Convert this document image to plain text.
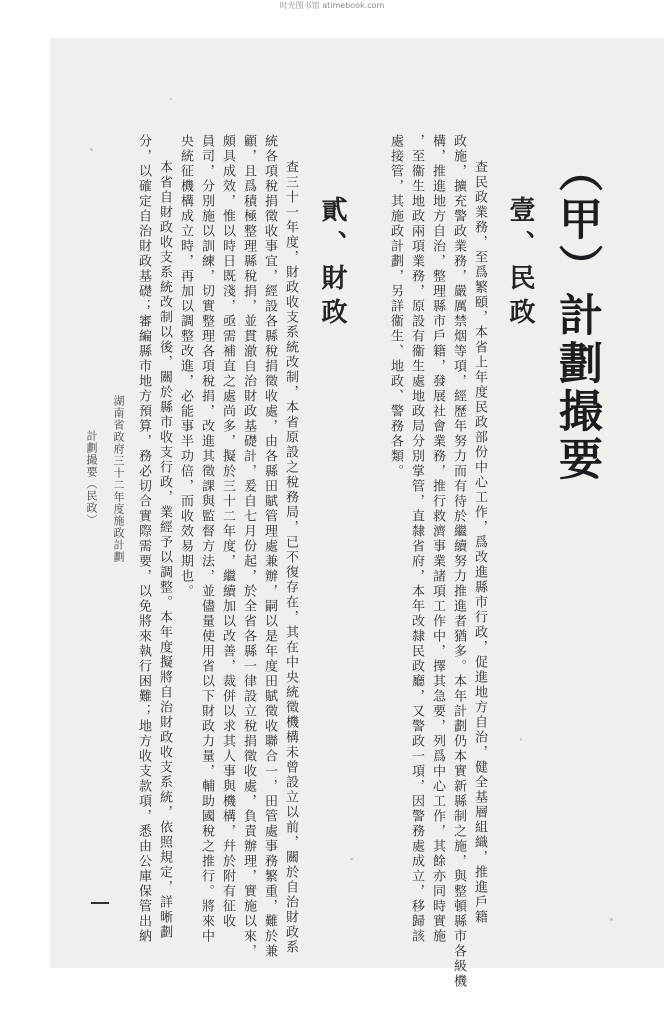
时光图书馆 atimebook.com
（甲）計劃撮要
壹、民政
查民政業務，至爲繁頤，本省上年度民政部份中心工作，爲改進縣市行政，促進地方自治，健全基層組織，推進戶籍
政施，擴充警政業務，嚴厲禁烟等項，經歷年努力而有待於繼續努力推進者猶多。本年計劃仍本實新縣制之施，與整頓縣市各級機
構，推進地方自治，整理縣市戶籍，發展社會業務，推行救濟事業諸項工作中，擇其急要，列爲中心工作，其餘亦同時實施
，至衞生地政兩項業務，原設有衞生處地政局分別掌管，直隸省府，本年改隸民政廳，又警政一項，因警務處成立，移歸該
處接管，其施政計劃，另詳衞生、地政、警務各類。
貳、財政
查三十一年度，財政收支系統改制，本省原設之稅務局，已不復存在，其在中央統徵機構未曾設立以前，關於自治財政系
統各項稅捐徵收事宜，經設各縣稅捐徵收處，由各縣田賦管理處兼辦，嗣以是年度田賦徵收聯合一，田管處事務繁重，難於兼
顧，且爲積極整理縣稅捐，並貫澈自治財政基礎計，爰自七月份起，於全省各縣一律設立稅捐徵收處，負責辦理，實施以來，
頗具成效，惟以時日既淺，亟需補直之處尚多，擬於三十二年度，繼續加以改善，裁併以求其人事與機構，幷於附有征收
員司，分別施以訓練，切實整理各項稅捐，改進其徵課與監督方法，並儘量使用省以下財政力量，輔助國稅之推行。將來中
央統征機構成立時，再加以調整改進，必能事半功倍，而收效易期也。
本省自財政收支系統改制以後，關於縣市收支行政，業經予以調整。本年度擬將自治財政收支系統，依照規定，詳晰劃
分，以確定自治財政基礎；審編縣市地方預算，務必切合實際需要，以免將來執行困難；地方收支款項，悉由公庫保管出納
湖南省政府三十二年度施政計劃
計劃撮要（民政）
